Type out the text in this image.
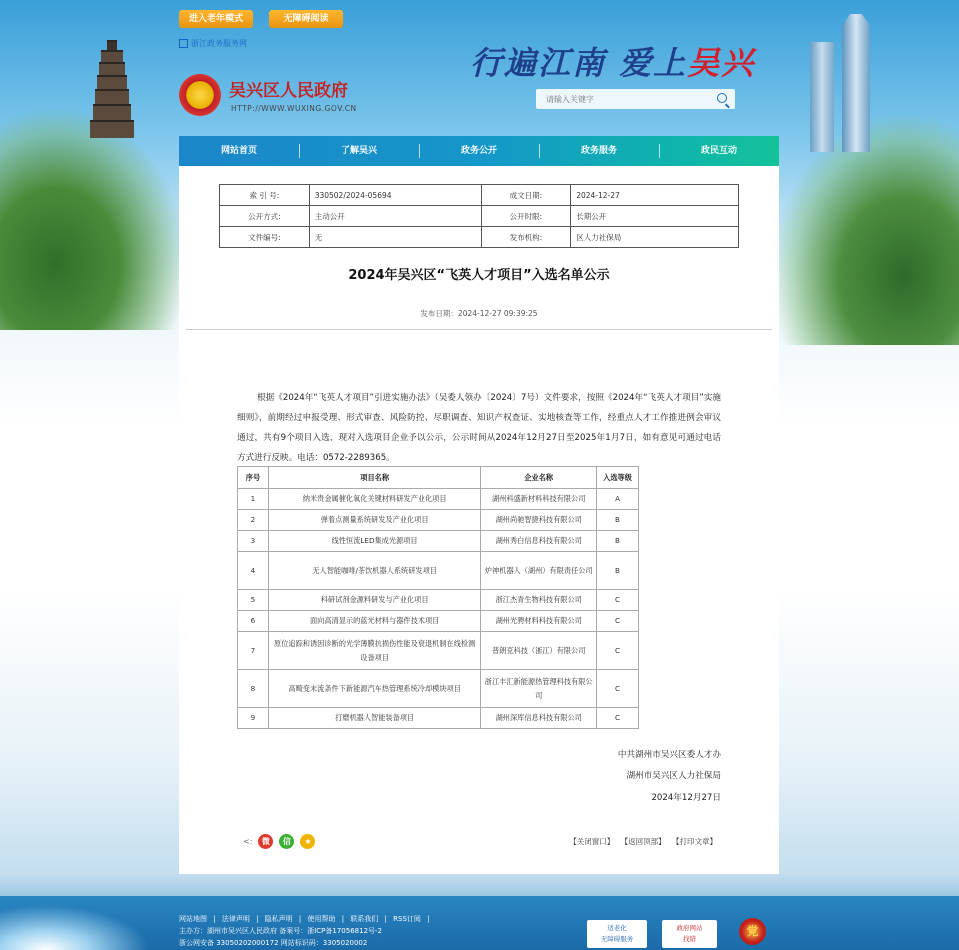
进入老年模式	无障碍阅读
浙江政务服务网
吴兴区人民政府
HTTP://WWW.WUXING.GOV.CN
行遍江南 爱上吴兴
请输入关键字
网站首页	了解吴兴	政务公开	政务服务	政民互动
索 引 号:	330502/2024-05694	成文日期:	2024-12-27
公开方式:	主动公开	公开时限:	长期公开
文件编号:	无	发布机构:	区人力社保局
2024年吴兴区“飞英人才项目”入选名单公示
发布日期：2024-12-27 09:39:25
根据《2024年“飞英人才项目”引进实施办法》（吴委人领办〔2024〕7号）文件要求，按照《2024年“飞英人才项目”实施细则》，前期经过申报受理、形式审查、风险防控、尽职调查、知识产权查证、实地核查等工作，经重点人才工作推进例会审议通过，共有9个项目入选，现对入选项目企业予以公示，公示时间从2024年12月27日至2025年1月7日，如有意见可通过电话方式进行反映。电话：0572-2289365。
序号	项目名称	企业名称	入选等级
1	纳米贵金属催化氧化关键材料研发产业化项目	湖州科盛新材料科技有限公司	A
2	弹着点测量系统研发及产业化项目	湖州尚驰智捷科技有限公司	B
3	线性恒流LED集成光源项目	湖州秀白信息科技有限公司	B
4	无人智能咖啡/茶饮机器人系统研发项目	炉神机器人（湖州）有限责任公司	B
5	科研试剂金源料研发与产业化项目	浙江杰青生物科技有限公司	C
6	面向高清显示的蓝光材料与器件技术项目	湖州光骋材料科技有限公司	C
7	原位追踪和诱因诊断的光学薄膜抗损伤性能及衰退机制在线检测设备项目	普朗克科技（浙江）有限公司	C
8	高畸变末流条件下新能源汽车热管理系统冷却模块项目	浙江丰汇新能源热管理科技有限公司	C
9	打磨机器人智能装备项目	湖州深库信息科技有限公司	C
中共湖州市吴兴区委人才办
湖州市吴兴区人力社保局
2024年12月27日
<:	微	信	★	【关闭窗口】 【返回顶部】 【打印文章】
网站地图 | 法律声明 | 隐私声明 | 使用帮助 | 联系我们 | RSS订阅 |
主办方：湖州市吴兴区人民政府 备案号：浙ICP备17056812号-2
浙公网安备 33050202000172 网站标识码：3305020002
适老化
无障碍服务
政府网站
找错
党
